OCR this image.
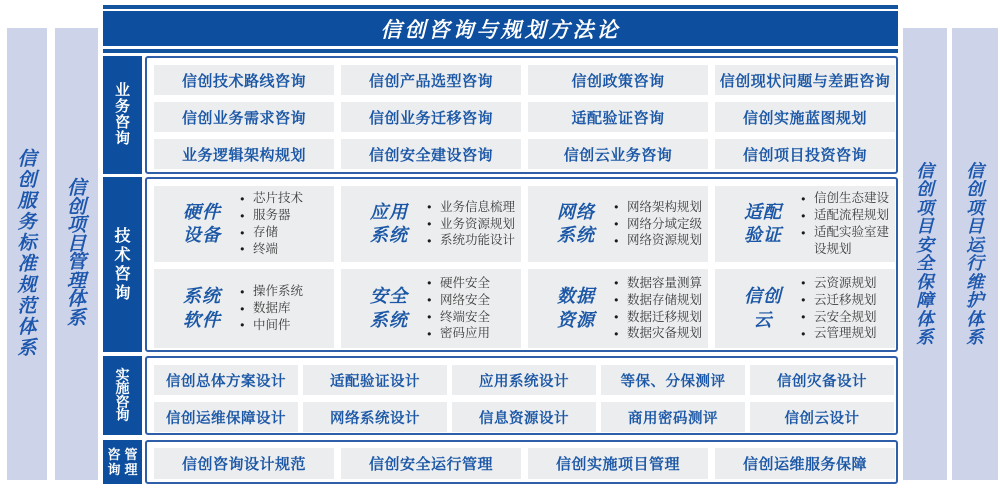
信创服务标准规范体系
信创项目管理体系
信创项目安全保障体系
信创项目运行维护体系
信创咨询与规划方法论
业务咨询
信创技术路线咨询	信创产品选型咨询	信创政策咨询	信创现状问题与差距咨询
信创业务需求咨询	信创业务迁移咨询	适配验证咨询	信创实施蓝图规划
业务逻辑架构规划	信创安全建设咨询	信创云业务咨询	信创项目投资咨询
技术咨询
硬件设备
● 芯片技术
● 服务器
● 存储
● 终端
应用系统
● 业务信息梳理
● 业务资源规划
● 系统功能设计
网络系统
● 网络架构规划
● 网络分域定级
● 网络资源规划
适配验证
● 信创生态建设
● 适配流程规划
● 适配实验室建设规划
系统软件
● 操作系统
● 数据库
● 中间件
安全系统
● 硬件安全
● 网络安全
● 终端安全
● 密码应用
数据资源
● 数据容量测算
● 数据存储规划
● 数据迁移规划
● 数据灾备规划
信创云
● 云资源规划
● 云迁移规划
● 云安全规划
● 云管理规划
实施咨询
信创总体方案设计	适配验证设计	应用系统设计	等保、分保测评	信创灾备设计
信创运维保障设计	网络系统设计	信息资源设计	商用密码测评	信创云设计
咨询
管理	信创咨询设计规范	信创安全运行管理	信创实施项目管理	信创运维服务保障
